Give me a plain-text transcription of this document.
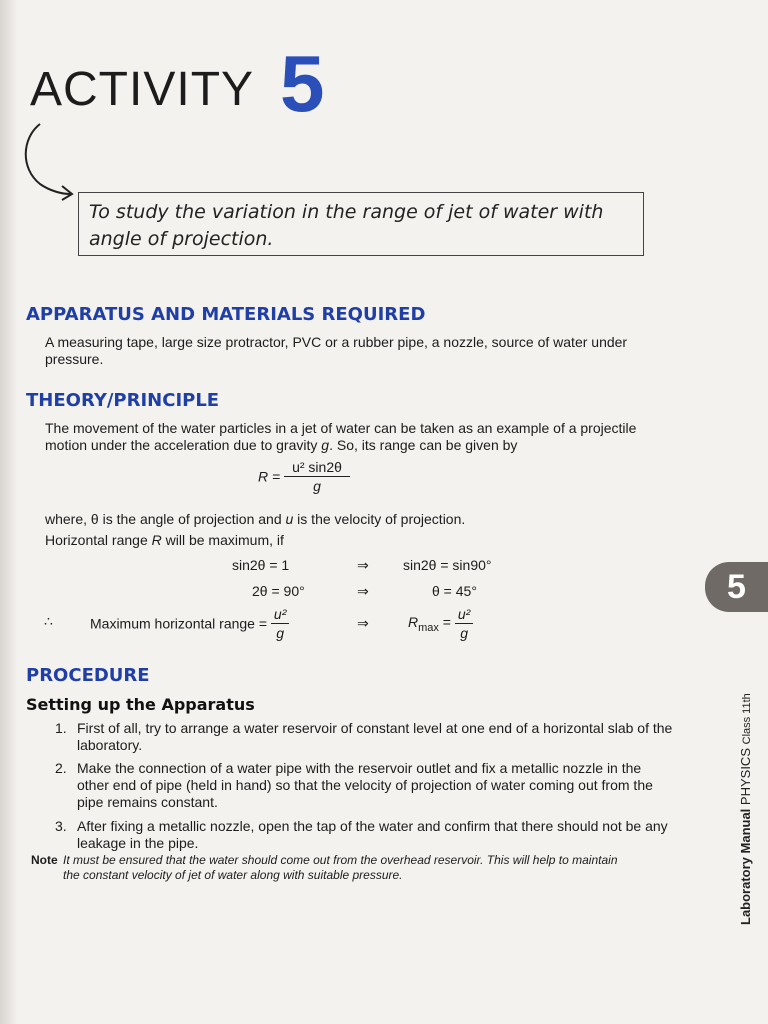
ACTIVITY 5
To study the variation in the range of jet of water with
angle of projection.
APPARATUS AND MATERIALS REQUIRED
A measuring tape, large size protractor, PVC or a rubber pipe, a nozzle, source of water under
pressure.
THEORY/PRINCIPLE
The movement of the water particles in a jet of water can be taken as an example of a projectile
motion under the acceleration due to gravity g. So, its range can be given by
$R = \frac{\text{u² sin2θ}}{g}$
where, θ is the angle of projection and u is the velocity of projection.
Horizontal range R will be maximum, if
sin2θ = 1	⇒ sin2θ = sin90°
2θ = 90°	⇒	θ = 45°
∴	Maximum horizontal range = $\frac{\text{u²}}{g}$	⇒	$R_{max} = \frac{\text{u²}}{g}$
PROCEDURE
Setting up the Apparatus
1. First of all, try to arrange a water reservoir of constant level at one end of a horizontal slab of the
laboratory.
2. Make the connection of a water pipe with the reservoir outlet and fix a metallic nozzle in the
other end of pipe (held in hand) so that the velocity of projection of water coming out from the
pipe remains constant.
3. After fixing a metallic nozzle, open the tap of the water and confirm that there should not be any
leakage in the pipe.
Note It must be ensured that the water should come out from the overhead reservoir. This will help to maintain
the constant velocity of jet of water along with suitable pressure.
5
Laboratory Manual PHYSICS Class 11th
